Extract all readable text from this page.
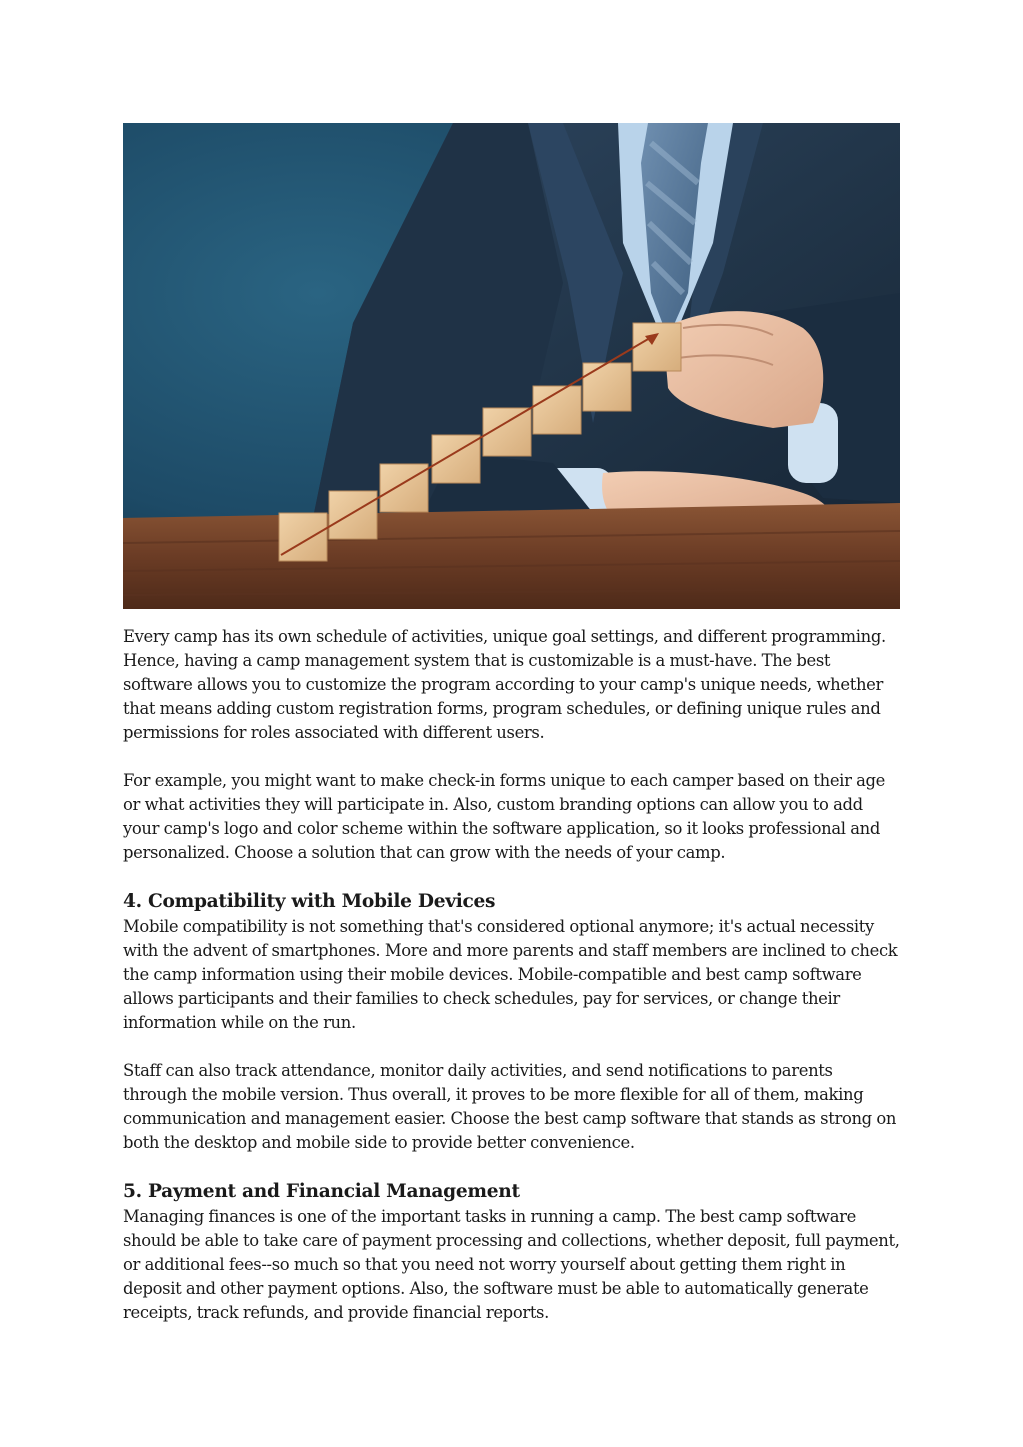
Every camp has its own schedule of activities, unique goal settings, and different programming. Hence, having a camp management system that is customizable is a must-have. The best software allows you to customize the program according to your camp's unique needs, whether that means adding custom registration forms, program schedules, or defining unique rules and permissions for roles associated with different users.

For example, you might want to make check-in forms unique to each camper based on their age or what activities they will participate in. Also, custom branding options can allow you to add your camp's logo and color scheme within the software application, so it looks professional and personalized. Choose a solution that can grow with the needs of your camp.

4. Compatibility with Mobile Devices

Mobile compatibility is not something that's considered optional anymore; it's actual necessity with the advent of smartphones. More and more parents and staff members are inclined to check the camp information using their mobile devices. Mobile-compatible and best camp software allows participants and their families to check schedules, pay for services, or change their information while on the run.

Staff can also track attendance, monitor daily activities, and send notifications to parents through the mobile version. Thus overall, it proves to be more flexible for all of them, making communication and management easier. Choose the best camp software that stands as strong on both the desktop and mobile side to provide better convenience.

5. Payment and Financial Management

Managing finances is one of the important tasks in running a camp. The best camp software should be able to take care of payment processing and collections, whether deposit, full payment, or additional fees--so much so that you need not worry yourself about getting them right in deposit and other payment options. Also, the software must be able to automatically generate receipts, track refunds, and provide financial reports.
